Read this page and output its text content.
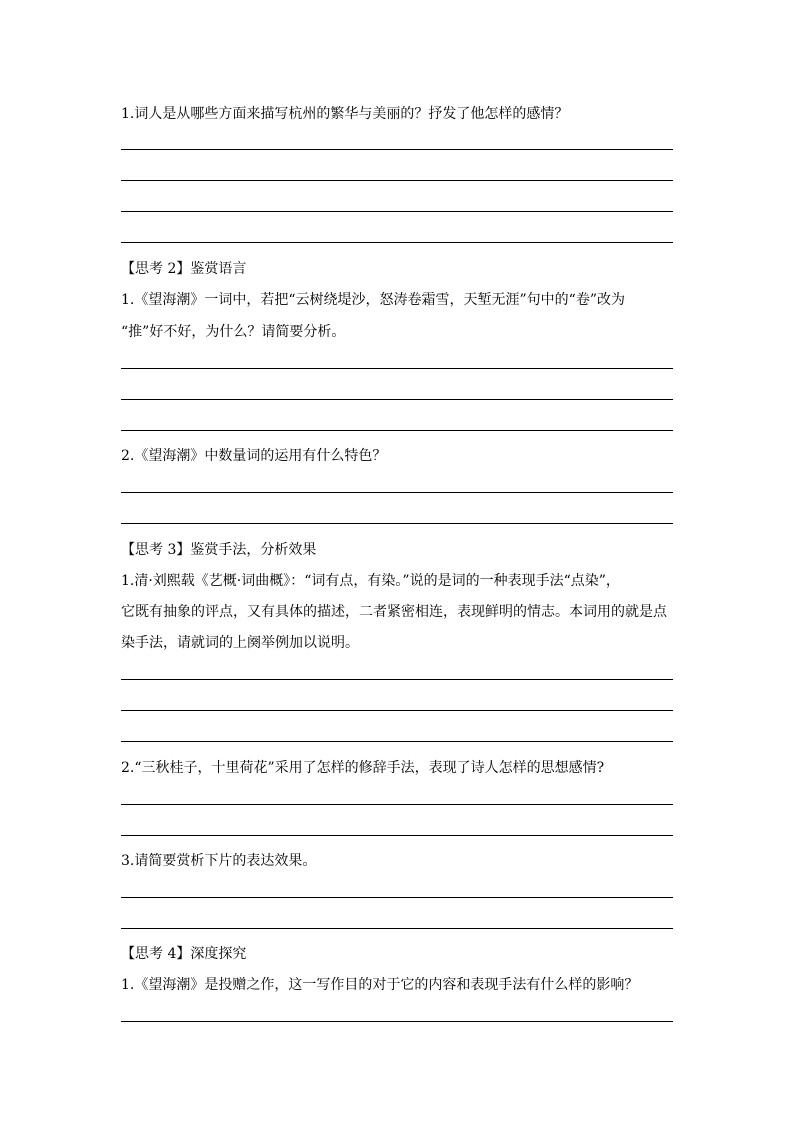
1.词人是从哪些方面来描写杭州的繁华与美丽的？抒发了他怎样的感情？
【思考 2】鉴赏语言
1.《望海潮》一词中，若把“云树绕堤沙，怒涛卷霜雪，天堑无涯”句中的“卷”改为
“推”好不好，为什么？请简要分析。
2.《望海潮》中数量词的运用有什么特色？
【思考 3】鉴赏手法，分析效果
1.清·刘熙载《艺概·词曲概》：“词有点，有染。”说的是词的一种表现手法“点染”，
它既有抽象的评点，又有具体的描述，二者紧密相连，表现鲜明的情志。本词用的就是点
染手法，请就词的上阕举例加以说明。
2.“三秋桂子，十里荷花”采用了怎样的修辞手法，表现了诗人怎样的思想感情?
3.请简要赏析下片的表达效果。
【思考 4】深度探究
1.《望海潮》是投赠之作，这一写作目的对于它的内容和表现手法有什么样的影响？
